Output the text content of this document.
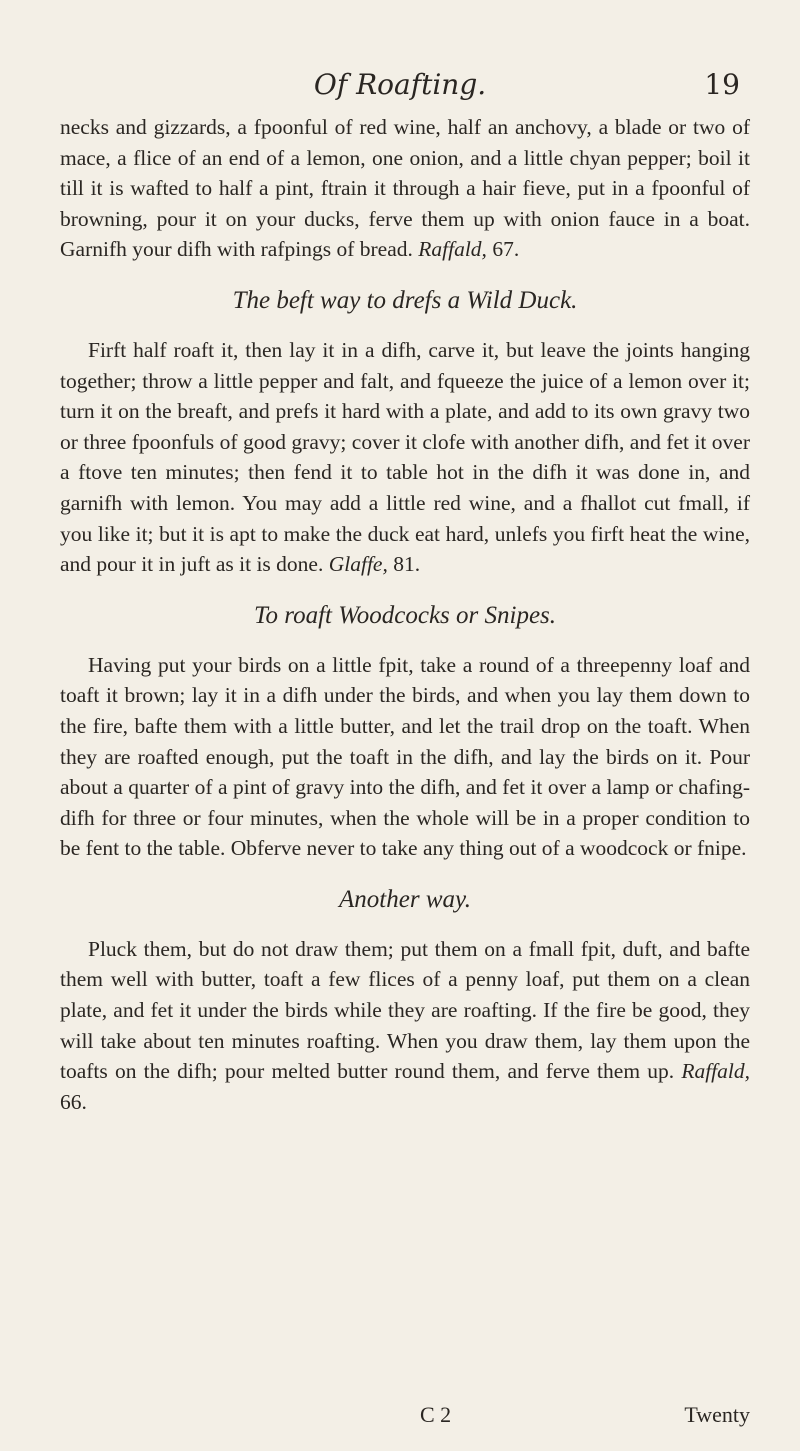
Of Roafting.	19

necks and gizzards, a fpoonful of red wine, half an anchovy, a blade or two of mace, a flice of an end of a lemon, one onion, and a little chyan pepper; boil it till it is wafted to half a pint, ftrain it through a hair fieve, put in a fpoonful of browning, pour it on your ducks, ferve them up with onion fauce in a boat. Garnifh your difh with rafpings of bread. Raffald, 67.

The beft way to drefs a Wild Duck.

Firft half roaft it, then lay it in a difh, carve it, but leave the joints hanging together; throw a little pepper and falt, and fqueeze the juice of a lemon over it; turn it on the breaft, and prefs it hard with a plate, and add to its own gravy two or three fpoonfuls of good gravy; cover it clofe with another difh, and fet it over a ftove ten minutes; then fend it to table hot in the difh it was done in, and garnifh with lemon. You may add a little red wine, and a fhallot cut fmall, if you like it; but it is apt to make the duck eat hard, unlefs you firft heat the wine, and pour it in juft as it is done. Glaffe, 81.

To roaft Woodcocks or Snipes.

Having put your birds on a little fpit, take a round of a threepenny loaf and toaft it brown; lay it in a difh under the birds, and when you lay them down to the fire, bafte them with a little butter, and let the trail drop on the toaft. When they are roafted enough, put the toaft in the difh, and lay the birds on it. Pour about a quarter of a pint of gravy into the difh, and fet it over a lamp or chafing-difh for three or four minutes, when the whole will be in a proper condition to be fent to the table. Obferve never to take any thing out of a woodcock or fnipe.

Another way.

Pluck them, but do not draw them; put them on a fmall fpit, duft, and bafte them well with butter, toaft a few flices of a penny loaf, put them on a clean plate, and fet it under the birds while they are roafting. If the fire be good, they will take about ten minutes roafting. When you draw them, lay them upon the toafts on the difh; pour melted butter round them, and ferve them up. Raffald, 66.

C 2	Twenty
